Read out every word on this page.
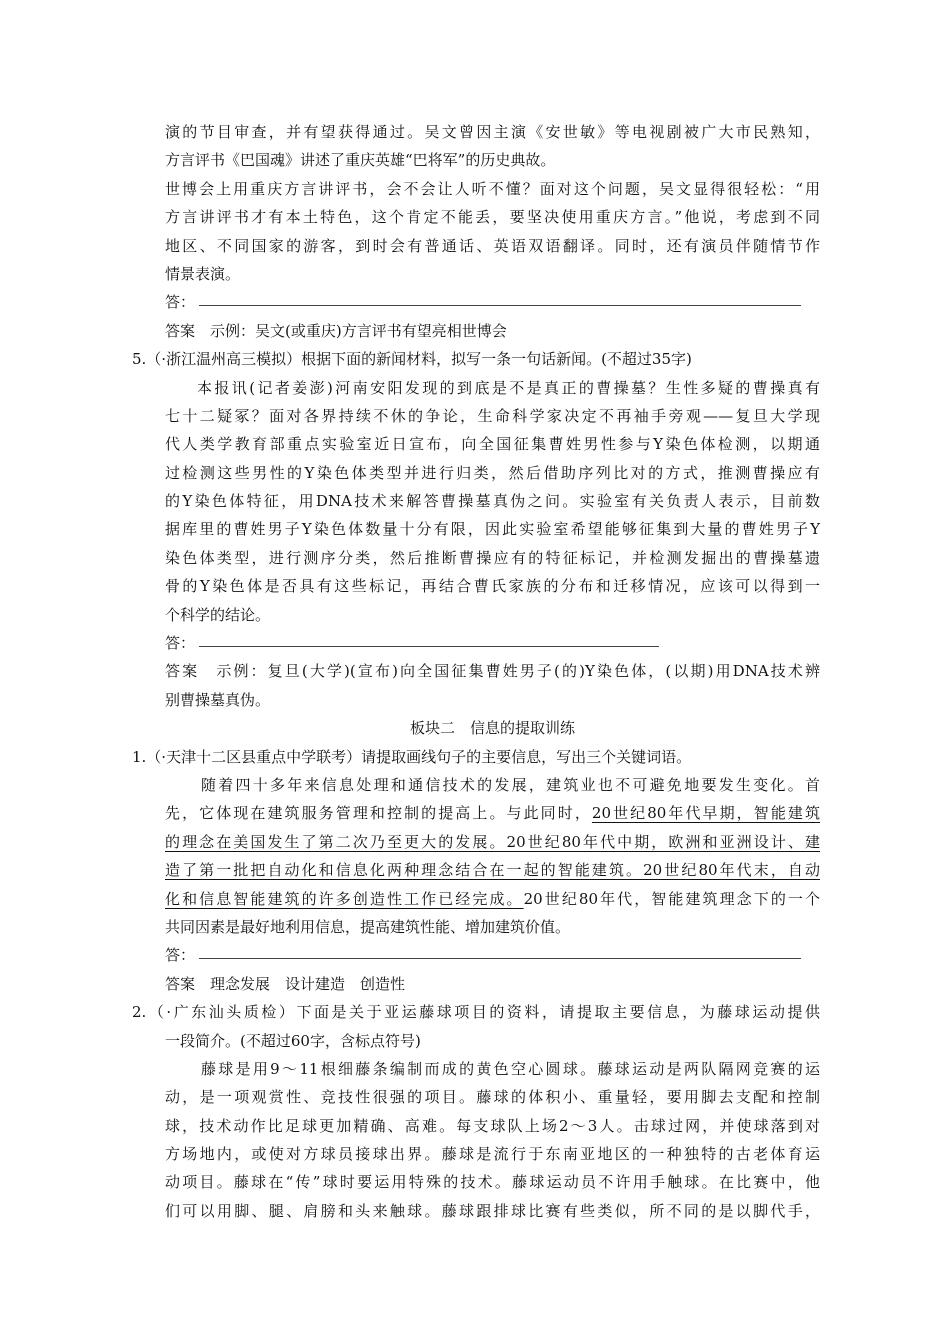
演的节目审查，并有望获得通过。吴文曾因主演《安世敏》等电视剧被广大市民熟知，
方言评书《巴国魂》讲述了重庆英雄“巴将军”的历史典故。
世博会上用重庆方言讲评书，会不会让人听不懂？面对这个问题，吴文显得很轻松：“用
方言讲评书才有本土特色，这个肯定不能丢，要坚决使用重庆方言。”他说，考虑到不同
地区、不同国家的游客，到时会有普通话、英语双语翻译。同时，还有演员伴随情节作
情景表演。
答：
答案　示例：吴文(或重庆)方言评书有望亮相世博会
5.（·浙江温州高三模拟）根据下面的新闻材料，拟写一条一句话新闻。(不超过35字)
本报讯(记者姜澎)河南安阳发现的到底是不是真正的曹操墓？生性多疑的曹操真有
七十二疑冢？面对各界持续不休的争论，生命科学家决定不再袖手旁观——复旦大学现
代人类学教育部重点实验室近日宣布，向全国征集曹姓男性参与Y染色体检测，以期通
过检测这些男性的Y染色体类型并进行归类，然后借助序列比对的方式，推测曹操应有
的Y染色体特征，用DNA技术来解答曹操墓真伪之问。实验室有关负责人表示，目前数
据库里的曹姓男子Y染色体数量十分有限，因此实验室希望能够征集到大量的曹姓男子Y
染色体类型，进行测序分类，然后推断曹操应有的特征标记，并检测发掘出的曹操墓遗
骨的Y染色体是否具有这些标记，再结合曹氏家族的分布和迁移情况，应该可以得到一
个科学的结论。
答：
答案　示例：复旦(大学)(宣布)向全国征集曹姓男子(的)Y染色体，(以期)用DNA技术辨
别曹操墓真伪。
板块二　信息的提取训练
1.（·天津十二区县重点中学联考）请提取画线句子的主要信息，写出三个关键词语。
随着四十多年来信息处理和通信技术的发展，建筑业也不可避免地要发生变化。首
先，它体现在建筑服务管理和控制的提高上。与此同时，20世纪80年代早期，智能建筑
的理念在美国发生了第二次乃至更大的发展。20世纪80年代中期，欧洲和亚洲设计、建
造了第一批把自动化和信息化两种理念结合在一起的智能建筑。20世纪80年代末，自动
化和信息智能建筑的许多创造性工作已经完成。20世纪80年代，智能建筑理念下的一个
共同因素是最好地利用信息，提高建筑性能、增加建筑价值。
答：
答案　理念发展　设计建造　创造性
2.（·广东汕头质检）下面是关于亚运藤球项目的资料，请提取主要信息，为藤球运动提供
一段简介。(不超过60字，含标点符号)
藤球是用9～11根细藤条编制而成的黄色空心圆球。藤球运动是两队隔网竞赛的运
动，是一项观赏性、竞技性很强的项目。藤球的体积小、重量轻，要用脚去支配和控制
球，技术动作比足球更加精确、高难。每支球队上场2～3人。击球过网，并使球落到对
方场地内，或使对方球员接球出界。藤球是流行于东南亚地区的一种独特的古老体育运
动项目。藤球在“传”球时要运用特殊的技术。藤球运动员不许用手触球。在比赛中，他
们可以用脚、腿、肩膀和头来触球。藤球跟排球比赛有些类似，所不同的是以脚代手，
